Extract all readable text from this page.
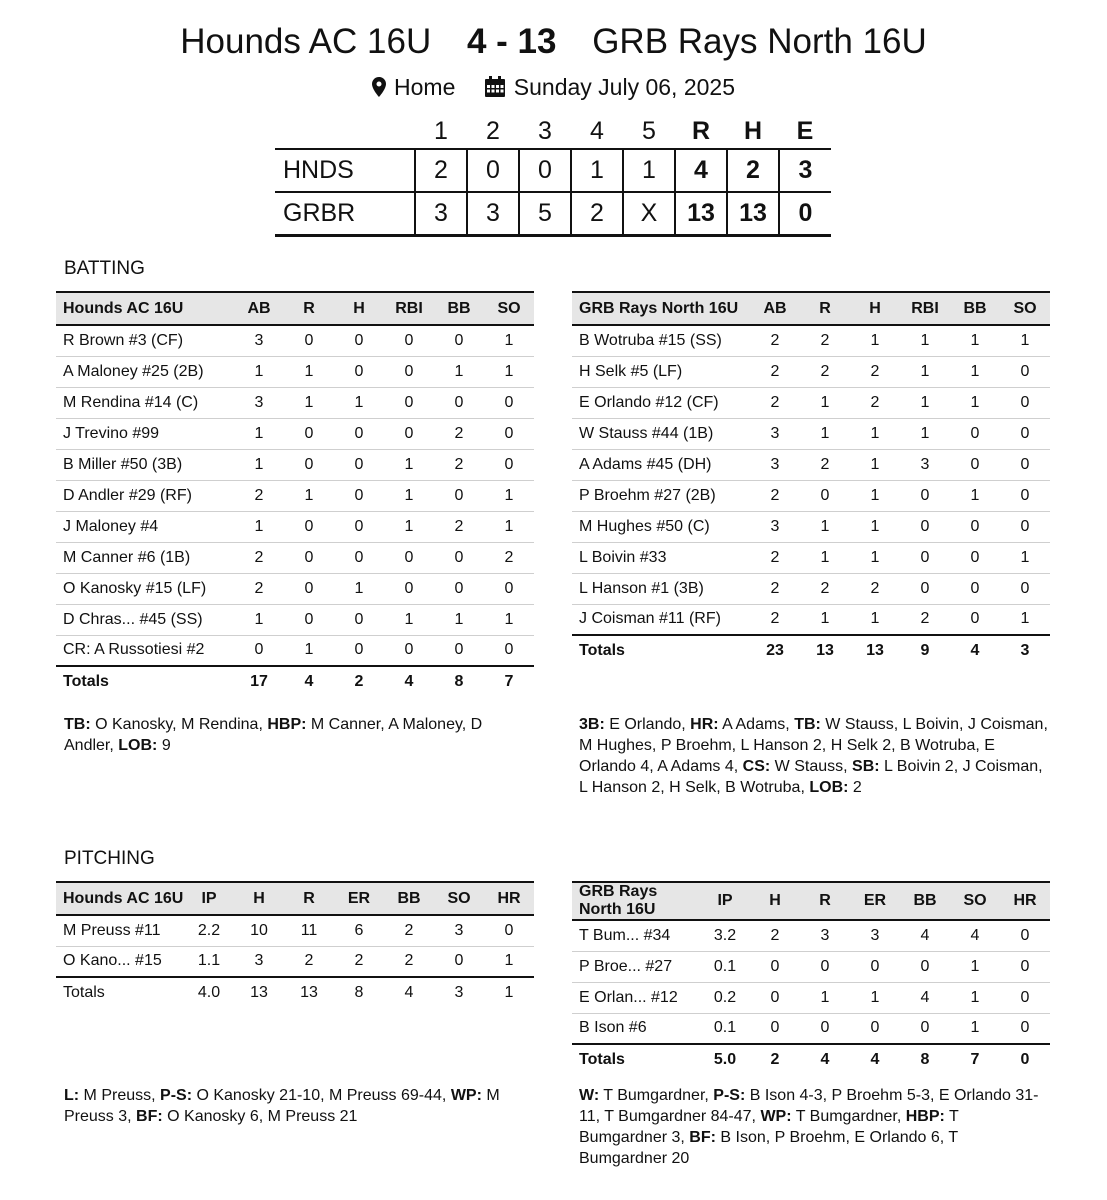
Hounds AC 16U 4 - 13 GRB Rays North 16U
Home	Sunday July 06, 2025
	1	2	3	4	5	R	H	E
HNDS	2	0	0	1	1	4	2	3
GRBR	3	3	5	2	X	13	13	0
BATTING
Hounds AC 16U	AB	R	H	RBI	BB	SO
R Brown #3 (CF)	3	0	0	0	0	1
A Maloney #25 (2B)	1	1	0	0	1	1
M Rendina #14 (C)	3	1	1	0	0	0
J Trevino #99	1	0	0	0	2	0
B Miller #50 (3B)	1	0	0	1	2	0
D Andler #29 (RF)	2	1	0	1	0	1
J Maloney #4	1	0	0	1	2	1
M Canner #6 (1B)	2	0	0	0	0	2
O Kanosky #15 (LF)	2	0	1	0	0	0
D Chras... #45 (SS)	1	0	0	1	1	1
CR: A Russotiesi #2	0	1	0	0	0	0
Totals	17	4	2	4	8	7
GRB Rays North 16U	AB	R	H	RBI	BB	SO
B Wotruba #15 (SS)	2	2	1	1	1	1
H Selk #5 (LF)	2	2	2	1	1	0
E Orlando #12 (CF)	2	1	2	1	1	0
W Stauss #44 (1B)	3	1	1	1	0	0
A Adams #45 (DH)	3	2	1	3	0	0
P Broehm #27 (2B)	2	0	1	0	1	0
M Hughes #50 (C)	3	1	1	0	0	0
L Boivin #33	2	1	1	0	0	1
L Hanson #1 (3B)	2	2	2	0	0	0
J Coisman #11 (RF)	2	1	1	2	0	1
Totals	23	13	13	9	4	3
TB: O Kanosky, M Rendina, HBP: M Canner, A Maloney, D Andler, LOB: 9
3B: E Orlando, HR: A Adams, TB: W Stauss, L Boivin, J Coisman, M Hughes, P Broehm, L Hanson 2, H Selk 2, B Wotruba, E Orlando 4, A Adams 4, CS: W Stauss, SB: L Boivin 2, J Coisman, L Hanson 2, H Selk, B Wotruba, LOB: 2
PITCHING
Hounds AC 16U	IP	H	R	ER	BB	SO	HR
M Preuss #11	2.2	10	11	6	2	3	0
O Kano... #15	1.1	3	2	2	2	0	1
Totals	4.0	13	13	8	4	3	1
GRB Rays North 16U	IP	H	R	ER	BB	SO	HR
T Bum... #34	3.2	2	3	3	4	4	0
P Broe... #27	0.1	0	0	0	0	1	0
E Orlan... #12	0.2	0	1	1	4	1	0
B Ison #6	0.1	0	0	0	0	1	0
Totals	5.0	2	4	4	8	7	0
L: M Preuss, P-S: O Kanosky 21-10, M Preuss 69-44, WP: M Preuss 3, BF: O Kanosky 6, M Preuss 21
W: T Bumgardner, P-S: B Ison 4-3, P Broehm 5-3, E Orlando 31-11, T Bumgardner 84-47, WP: T Bumgardner, HBP: T Bumgardner 3, BF: B Ison, P Broehm, E Orlando 6, T Bumgardner 20
